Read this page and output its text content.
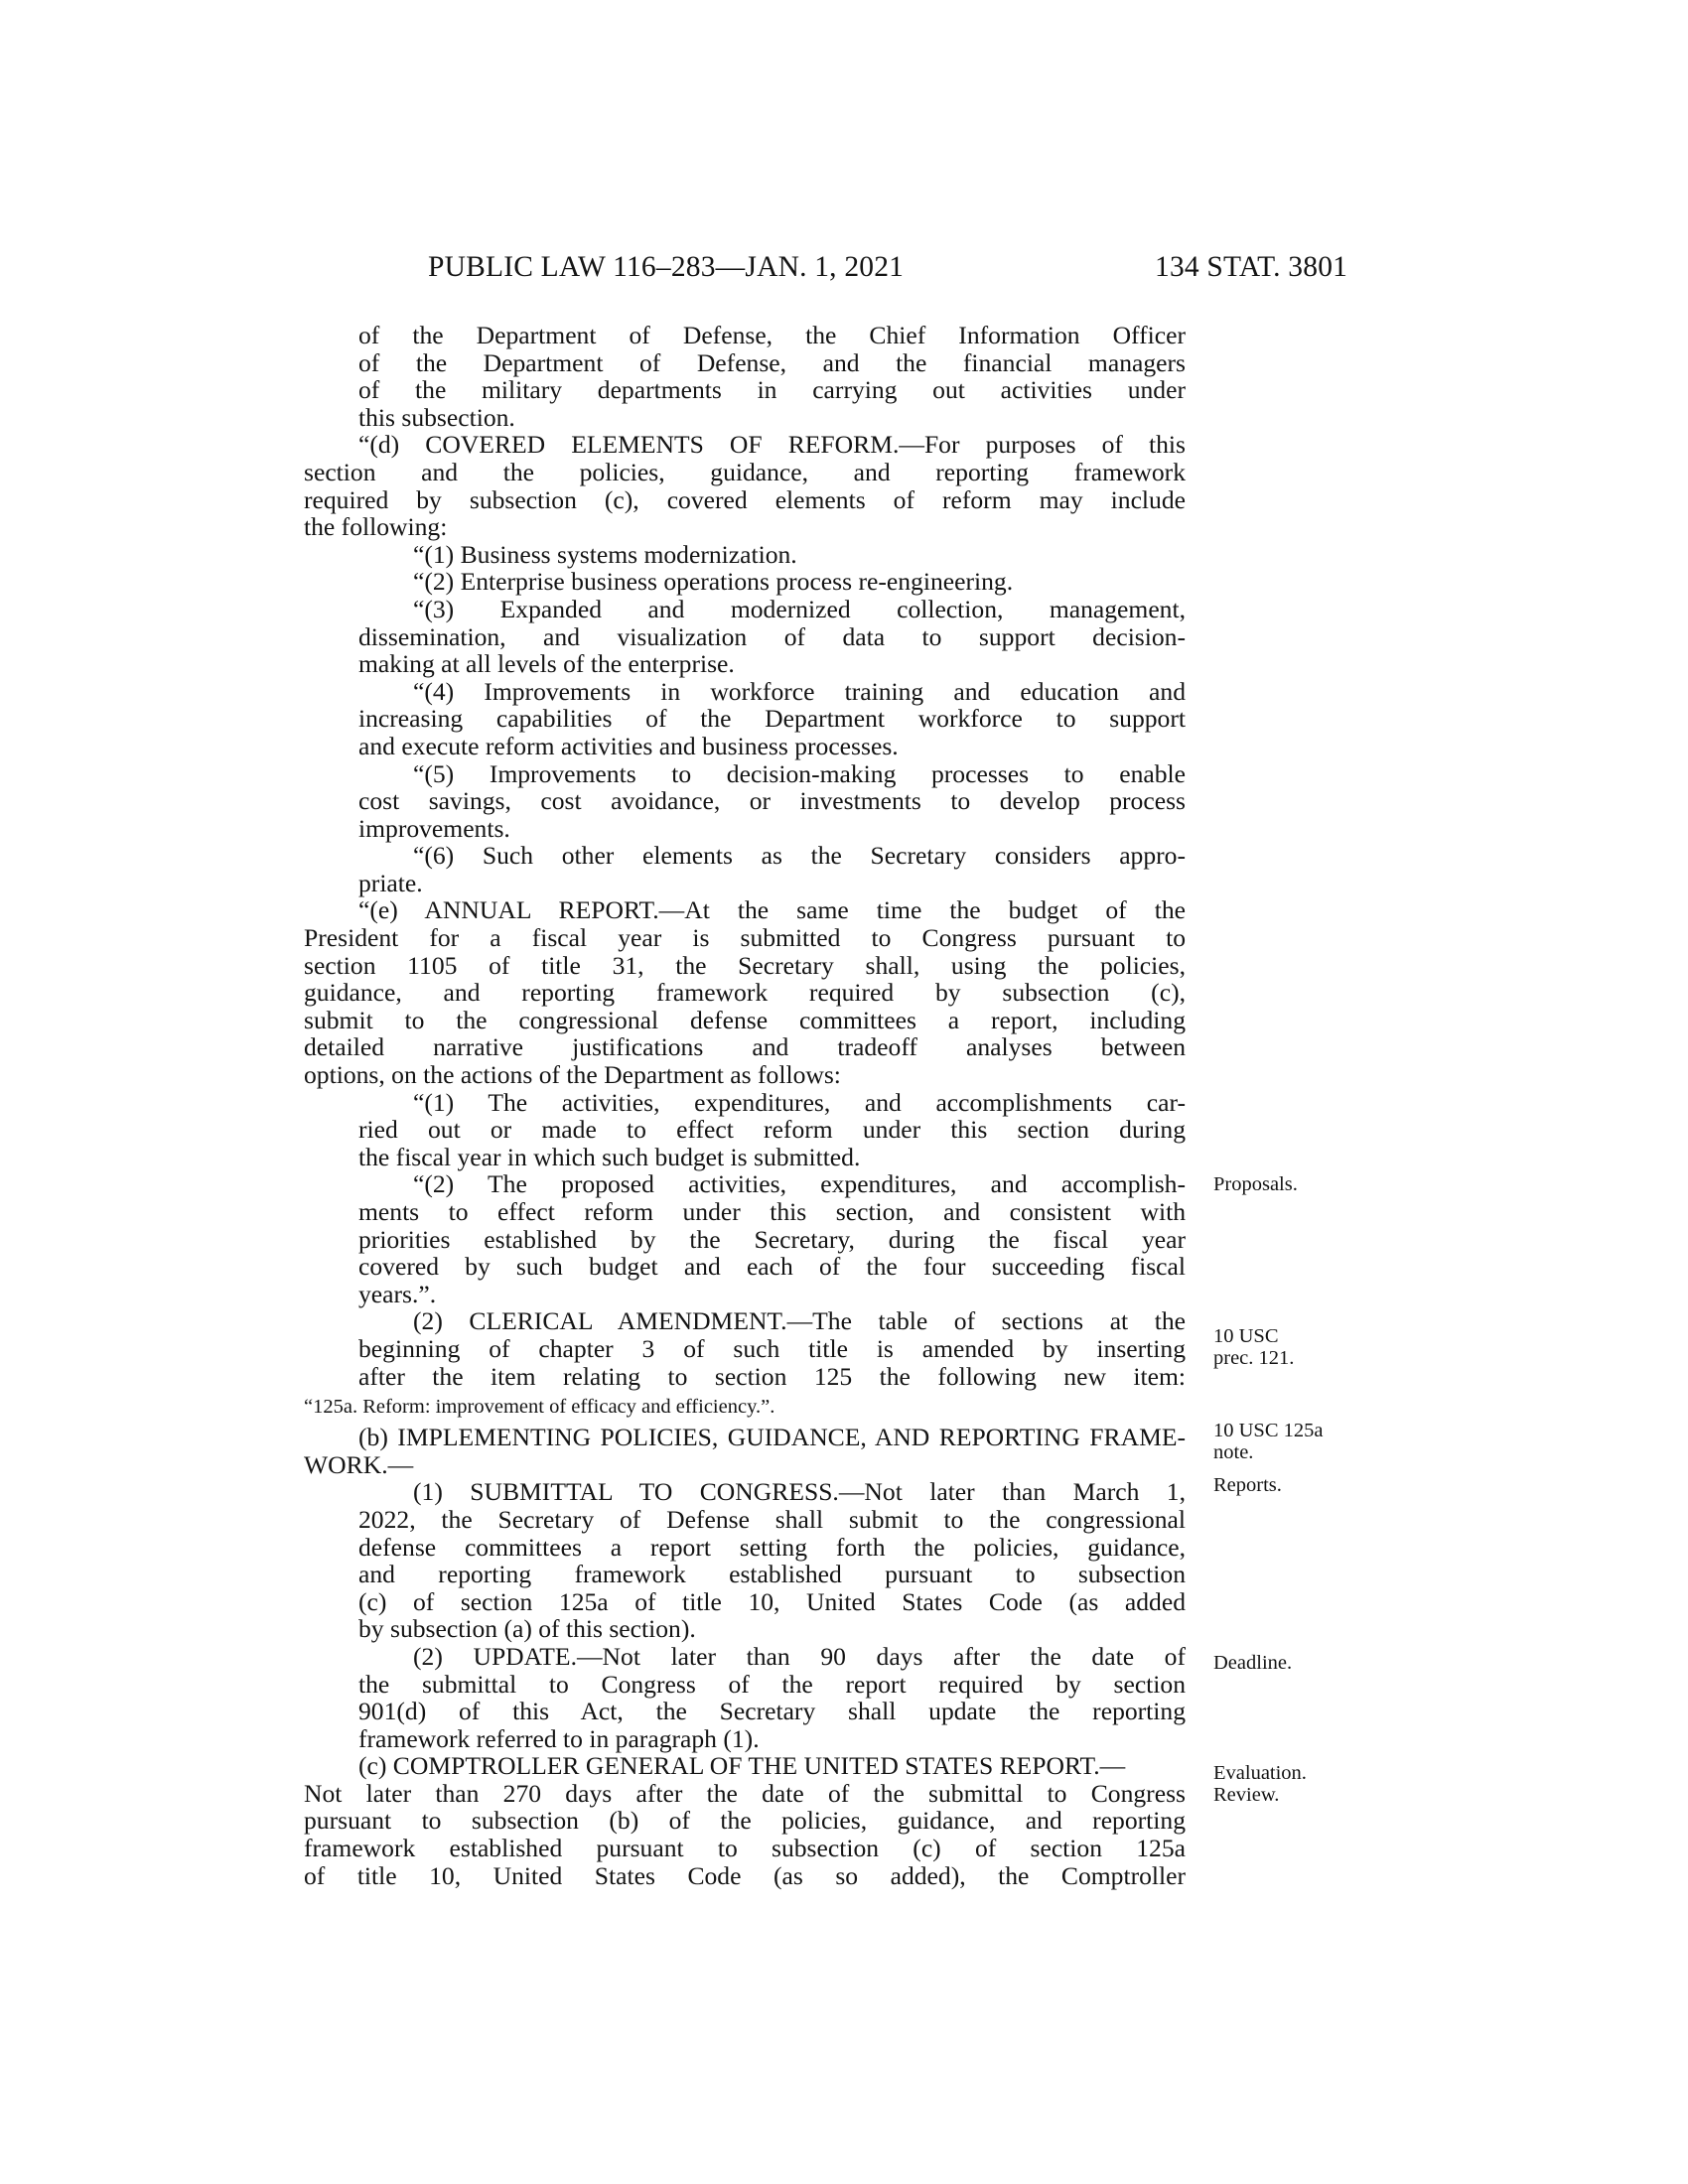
PUBLIC LAW 116–283—JAN. 1, 2021	134 STAT. 3801
of the Department of Defense, the Chief Information Officer
of the Department of Defense, and the financial managers
of the military departments in carrying out activities under
this subsection.
“(d) COVERED ELEMENTS OF REFORM.—For purposes of this
section and the policies, guidance, and reporting framework
required by subsection (c), covered elements of reform may include
the following:
“(1) Business systems modernization.
“(2) Enterprise business operations process re-engineering.
“(3) Expanded and modernized collection, management,
dissemination, and visualization of data to support decision-
making at all levels of the enterprise.
“(4) Improvements in workforce training and education and
increasing capabilities of the Department workforce to support
and execute reform activities and business processes.
“(5) Improvements to decision-making processes to enable
cost savings, cost avoidance, or investments to develop process
improvements.
“(6) Such other elements as the Secretary considers appro-
priate.
“(e) ANNUAL REPORT.—At the same time the budget of the
President for a fiscal year is submitted to Congress pursuant to
section 1105 of title 31, the Secretary shall, using the policies,
guidance, and reporting framework required by subsection (c),
submit to the congressional defense committees a report, including
detailed narrative justifications and tradeoff analyses between
options, on the actions of the Department as follows:
“(1) The activities, expenditures, and accomplishments car-
ried out or made to effect reform under this section during
the fiscal year in which such budget is submitted.
“(2) The proposed activities, expenditures, and accomplish-
ments to effect reform under this section, and consistent with
priorities established by the Secretary, during the fiscal year
covered by such budget and each of the four succeeding fiscal
years.”.
(2) CLERICAL AMENDMENT.—The table of sections at the
beginning of chapter 3 of such title is amended by inserting
after the item relating to section 125 the following new item:
“125a. Reform: improvement of efficacy and efficiency.”.
(b) IMPLEMENTING POLICIES, GUIDANCE, AND REPORTING FRAME-
WORK.—
(1) SUBMITTAL TO CONGRESS.—Not later than March 1,
2022, the Secretary of Defense shall submit to the congressional
defense committees a report setting forth the policies, guidance,
and reporting framework established pursuant to subsection
(c) of section 125a of title 10, United States Code (as added
by subsection (a) of this section).
(2) UPDATE.—Not later than 90 days after the date of
the submittal to Congress of the report required by section
901(d) of this Act, the Secretary shall update the reporting
framework referred to in paragraph (1).
(c) COMPTROLLER GENERAL OF THE UNITED STATES REPORT.—
Not later than 270 days after the date of the submittal to Congress
pursuant to subsection (b) of the policies, guidance, and reporting
framework established pursuant to subsection (c) of section 125a
of title 10, United States Code (as so added), the Comptroller
Proposals.
10 USC
prec. 121.
10 USC 125a
note.
Reports.
Deadline.
Evaluation.
Review.
